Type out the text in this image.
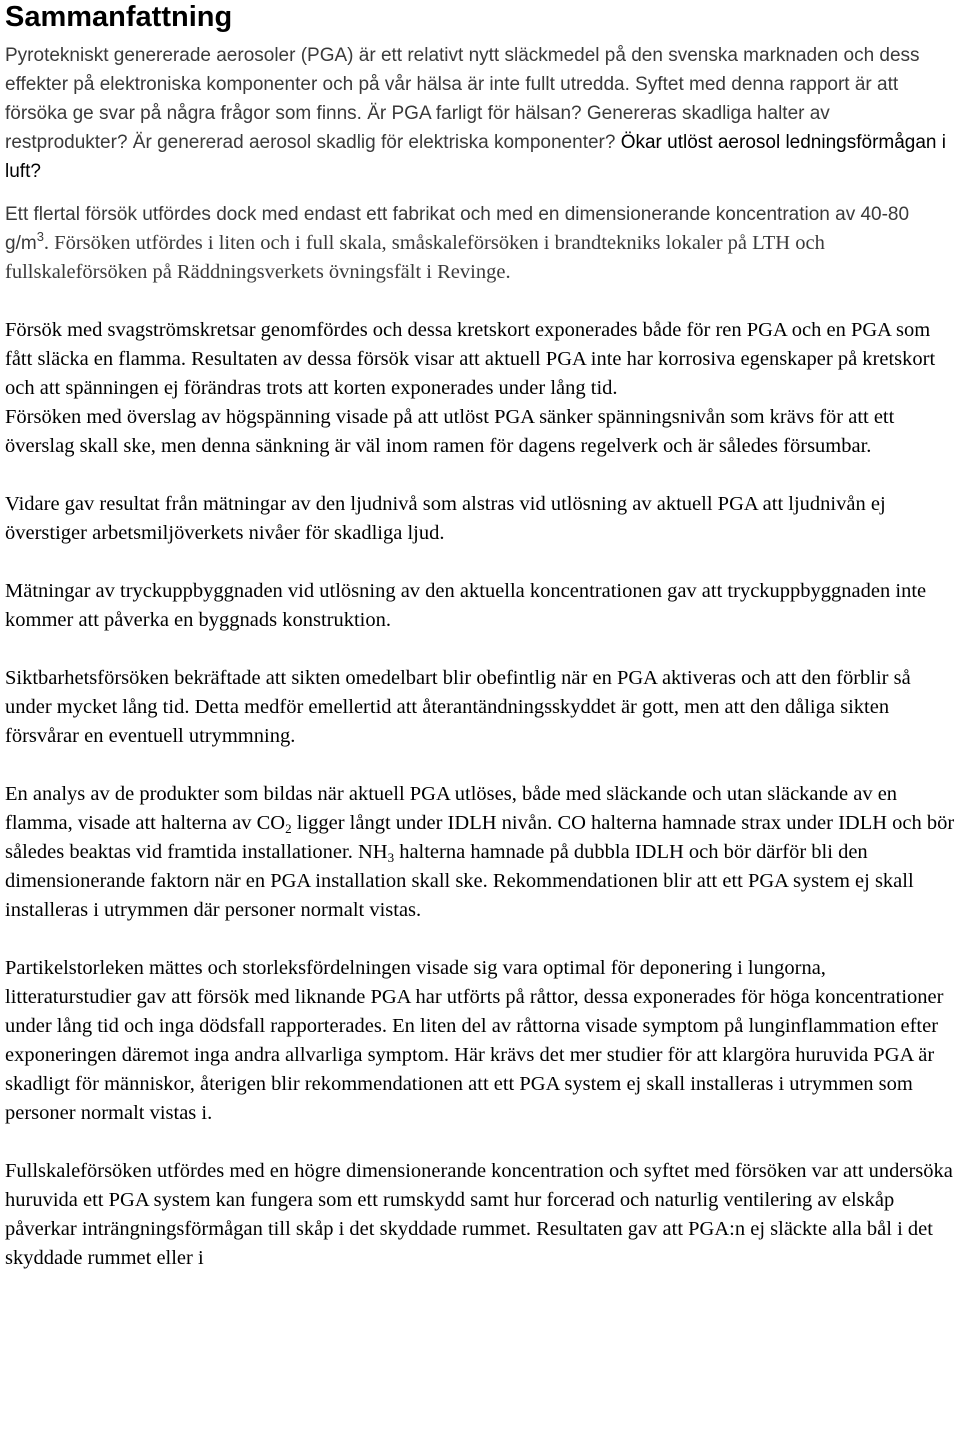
Sammanfattning

Pyrotekniskt genererade aerosoler (PGA) är ett relativt nytt släckmedel på den svenska marknaden och dess effekter på elektroniska komponenter och på vår hälsa är inte fullt utredda. Syftet med denna rapport är att försöka ge svar på några frågor som finns. Är PGA farligt för hälsan? Genereras skadliga halter av restprodukter? Är genererad aerosol skadlig för elektriska komponenter? Ökar utlöst aerosol ledningsförmågan i luft?

Ett flertal försök utfördes dock med endast ett fabrikat och med en dimensionerande koncentration av 40-80 $g/m^3$. Försöken utfördes i liten och i full skala, småskaleförsöken i brandtekniks lokaler på LTH och fullskaleförsöken på Räddningsverkets övningsfält i Revinge.

Försök med svagströmskretsar genomfördes och dessa kretskort exponerades både för ren PGA och en PGA som fått släcka en flamma. Resultaten av dessa försök visar att aktuell PGA inte har korrosiva egenskaper på kretskort och att spänningen ej förändras trots att korten exponerades under lång tid.

Försöken med överslag av högspänning visade på att utlöst PGA sänker spänningsnivån som krävs för att ett överslag skall ske, men denna sänkning är väl inom ramen för dagens regelverk och är således försumbar.

Vidare gav resultat från mätningar av den ljudnivå som alstras vid utlösning av aktuell PGA att ljudnivån ej överstiger arbetsmiljöverkets nivåer för skadliga ljud.

Mätningar av tryckuppbyggnaden vid utlösning av den aktuella koncentrationen gav att tryckuppbyggnaden inte kommer att påverka en byggnads konstruktion.

Siktbarhetsförsöken bekräftade att sikten omedelbart blir obefintlig när en PGA aktiveras och att den förblir så under mycket lång tid. Detta medför emellertid att återantändningsskyddet är gott, men att den dåliga sikten försvårar en eventuell utrymmning.

En analys av de produkter som bildas när aktuell PGA utlöses, både med släckande och utan släckande av en flamma, visade att halterna av $CO_2$ ligger långt under IDLH nivån. CO halterna hamnade strax under IDLH och bör således beaktas vid framtida installationer. $NH_3$ halterna hamnade på dubbla IDLH och bör därför bli den dimensionerande faktorn när en PGA installation skall ske. Rekommendationen blir att ett PGA system ej skall installeras i utrymmen där personer normalt vistas.

Partikelstorleken mättes och storleksfördelningen visade sig vara optimal för deponering i lungorna, litteraturstudier gav att försök med liknande PGA har utförts på råttor, dessa exponerades för höga koncentrationer under lång tid och inga dödsfall rapporterades. En liten del av råttorna visade symptom på lunginflammation efter exponeringen däremot inga andra allvarliga symptom. Här krävs det mer studier för att klargöra huruvida PGA är skadligt för människor, återigen blir rekommendationen att ett PGA system ej skall installeras i utrymmen som personer normalt vistas i.

Fullskaleförsöken utfördes med en högre dimensionerande koncentration och syftet med försöken var att undersöka huruvida ett PGA system kan fungera som ett rumskydd samt hur forcerad och naturlig ventilering av elskåp påverkar inträngningsförmågan till skåp i det skyddade rummet. Resultaten gav att PGA:n ej släckte alla bål i det skyddade rummet eller i
